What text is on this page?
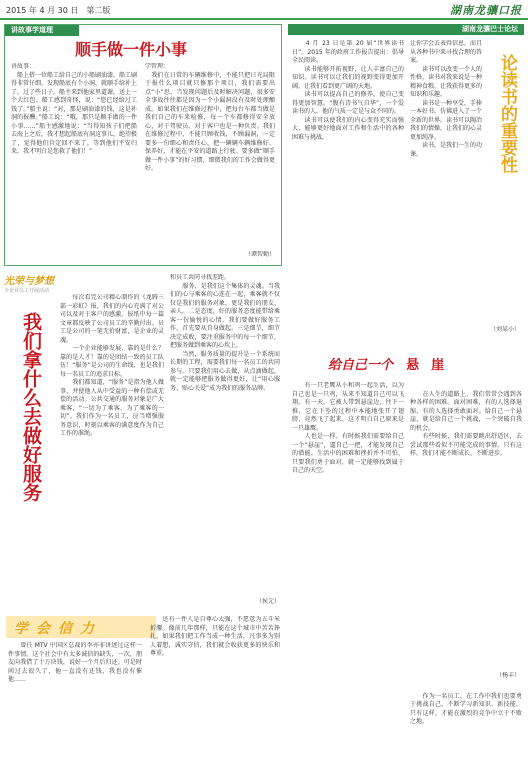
2015 年 4 月 30 日　第二版	湖南龙骧口报
讲故事学道理
顺手做一件小事
讲故事：
　船上搭一位船工给自己的小船刷油漆。船工刷得非常仔细，发现船底有个小洞，就顺手给补上了。过了些日子，船主来到他家里道谢，送上一个大红包。船工感到奇怪，说：“您已经给过工钱了。”船主说：“对，那是刷油漆的钱，这是补洞的报酬。”船工说：“哦，那只是顺手做的一件小事……”船主感激地说：“当得知孩子们把船去海上之后，我才想起船底有洞这事儿，绝望极了，觉得他们肯定回不来了。等到他们平安归来，我才明白是您救了他们！”
学管理：
　我们在日常的车辆维修中，不能只把日光局限于报什么项目就只修那个项目，我们需要出点“小”思，当发现问题后及时解决问题，很多安全事故往往都是因为一个小漏洞没有及时处理酿成。如果我们在维修过程中，把每台车都当做是我们自己的车来检修，每一个车都修得安全放心，对于驾驶员、对于客户也是一种负责。我们在维修过程中，不能只顾收钱，不顾漏洞，一定要多一份细心和责任心，把一辆辆车辆维修好、保养好，才能在平安的道路上行驶。要多做“顺手做一件小事”的好习惯，细微我们的工作会做得更好。
（谭智勤）
光荣与梦想
全企业员工开展活动
我们拿什么去做好服务
　　每次看完公司精心制作的《龙腾三部一彩虹》报，我们的内心充满了对公司以及对于客户的感激。报纸中每一篇文章都反映了公司员工的辛勤付出。员工是公司的一笔无价财富，是企业的灵魂。
　　一个企业能够发展，靠的是什么？靠的是人才！靠的是团结一致的员工队伍！“服务”是公司的生命线，也是我们每一名员工的追求目标。
　　我们都知道，“服务”是指为他人做事，并使他人从中受益的一种有偿或无偿的活动。公共交通的服务对象是广大乘客，“一切为了乘客，为了乘客的一切”。我们作为一名员工，应当增强服务意识，时刻以乘客的满意度作为自己工作的准绳。
和员工共同寻找差距。
　　服务，是我们这个集体的灵魂。当我们的心与乘客的心连在一起，乘客就不仅仅是我们的服务对象，更是我们的朋友、亲人。二是态度，好的服务态度能带给乘客一份愉悦的心情。我们要做好服务工作，首先要从自身做起。三是细节，细节决定成败，要注重服务中的每一个细节，把服务做到乘客的心坎上。
　　当然，服务质量的提升是一个系统而长期的工程，需要我们每一名员工的共同参与。只要我们用心去做，从点滴做起，就一定能够把服务做得更好，让“用心服务、贴心关爱”成为我们的服务品牌。
（侯元）
学会信力
　　曾任 MTV 中国区总裁的李亦非讲述过这样一件事情。这个社会中有太多诚信的缺失，一次，朋友向我借了十万块钱，说好一个月后归还。可是时间过去很久了，他一直没有还钱，我也没有催他……
　　还有一件人是自尊心太强，不愿意为五斗米折腰。像前几年那样，只能在这个城市中苦苦挣扎。如果我们把工作当成一种生活，凡事多为别人着想，诚实守信，我们就会收获更多的快乐和尊重。
湖南龙骧巴士论坛
　　4 月 23 日是第 20 届“世界读书日”。2015 年的政府工作报告提出：倡导全民阅读。
　　读书能够开拓视野，让人丰富自己的知识。读书可以让我们的视野变得更加开阔，让我们看到更广阔的天地。
　　读书可以提高自己的修养，使自己变得更加智慧。“腹有诗书气自华”，一个爱读书的人，他的气质一定是与众不同的。
　　读书可以使我们的内心变得充实而强大，能够更好地面对工作和生活中的各种困难与挑战。
让你学会去表得信息，而且从各种书中来寻找合理的答案。
　　读书可以改变一个人的性格，读书对我来说是一种精神食粮，让我获得更多的知识和乐趣。
　　读书是一种享受，手捧一本好书，仿佛进入了一个全新的世界。读书可以陶冶我们的情操，让我们的心灵更加纯净。
　　读书，是我们一生的功课。	论读书的重要性
（刘某小）
给自己一个 悬崖
　　有一只老鹰从小和鸡一起生活，以为自己也是一只鸡，从来不知道自己可以飞翔。有一天，它被人带到悬崖边，往下一推，它在下坠的过程中本能地张开了翅膀，竟然飞了起来，这才明白自己原来是一只雄鹰。
　　人也是一样。有时候我们需要给自己一个“悬崖”，逼自己一把，才能发现自己的潜能。生活中的困难和挫折并不可怕，只要我们勇于面对，就一定能够找到属于自己的天空。

　　在人生的道路上，我们常常会遇到各种各样的困难。面对困难，有的人选择退缩，有的人选择勇敢面对。给自己一个悬崖，就是给自己一个挑战，一个突破自我的机会。
　　有些时候，我们需要跳出舒适区，去尝试那些看似不可能完成的事情。只有这样，我们才能不断成长，不断进步。

　　作为一名员工，在工作中我们也要勇于挑战自己，不断学习新知识、新技能。只有这样，才能在激烈的竞争中立于不败之地。
（杨丰）
